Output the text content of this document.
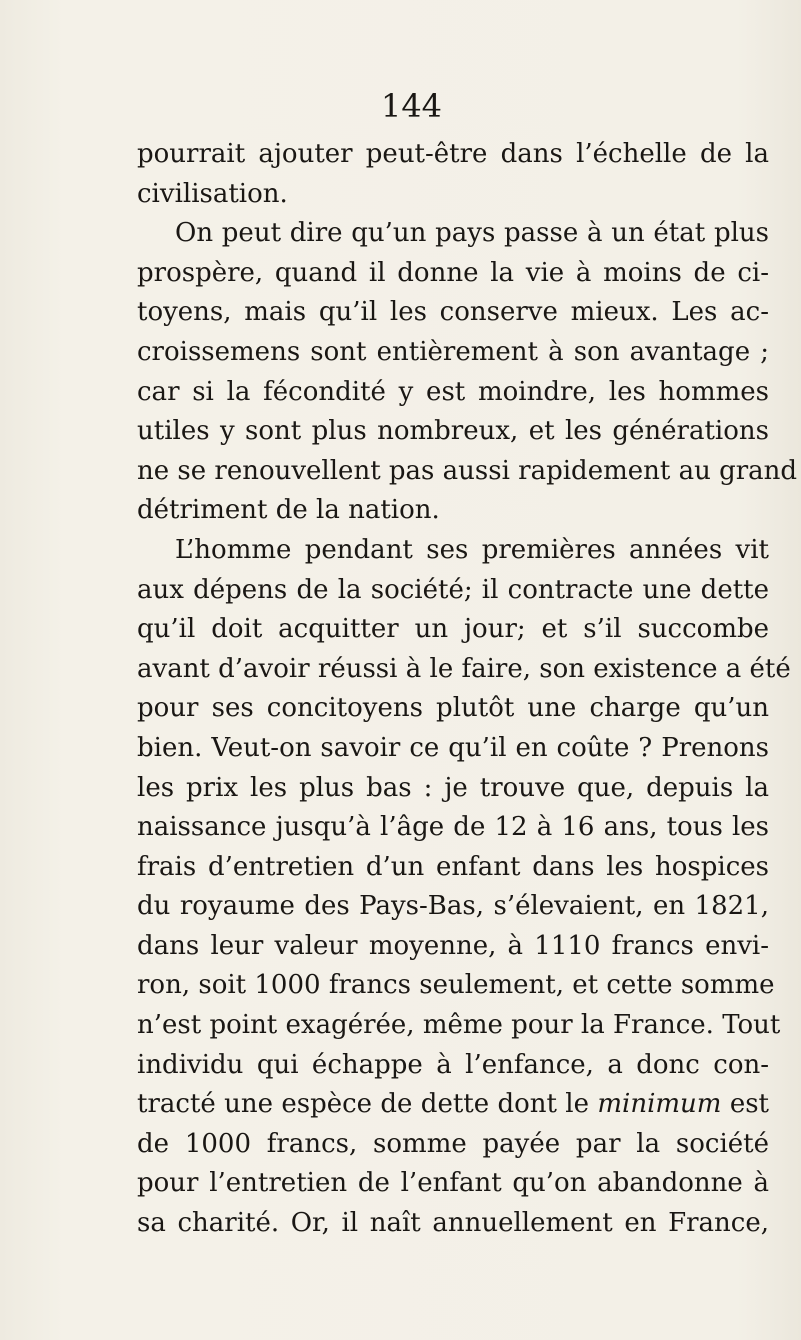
144
pourrait ajouter peut-être dans l’échelle de la
civilisation.
On peut dire qu’un pays passe à un état plus
prospère, quand il donne la vie à moins de ci-
toyens, mais qu’il les conserve mieux. Les ac-
croissemens sont entièrement à son avantage ;
car si la fécondité y est moindre, les hommes
utiles y sont plus nombreux, et les générations
ne se renouvellent pas aussi rapidement au grand
détriment de la nation.
L’homme pendant ses premières années vit
aux dépens de la société; il contracte une dette
qu’il doit acquitter un jour; et s’il succombe
avant d’avoir réussi à le faire, son existence a été
pour ses concitoyens plutôt une charge qu’un
bien. Veut-on savoir ce qu’il en coûte ? Prenons
les prix les plus bas : je trouve que, depuis la
naissance jusqu’à l’âge de 12 à 16 ans, tous les
frais d’entretien d’un enfant dans les hospices
du royaume des Pays-Bas, s’élevaient, en 1821,
dans leur valeur moyenne, à 1110 francs envi-
ron, soit 1000 francs seulement, et cette somme
n’est point exagérée, même pour la France. Tout
individu qui échappe à l’enfance, a donc con-
tracté une espèce de dette dont le minimum est
de 1000 francs, somme payée par la société
pour l’entretien de l’enfant qu’on abandonne à
sa charité. Or, il naît annuellement en France,
